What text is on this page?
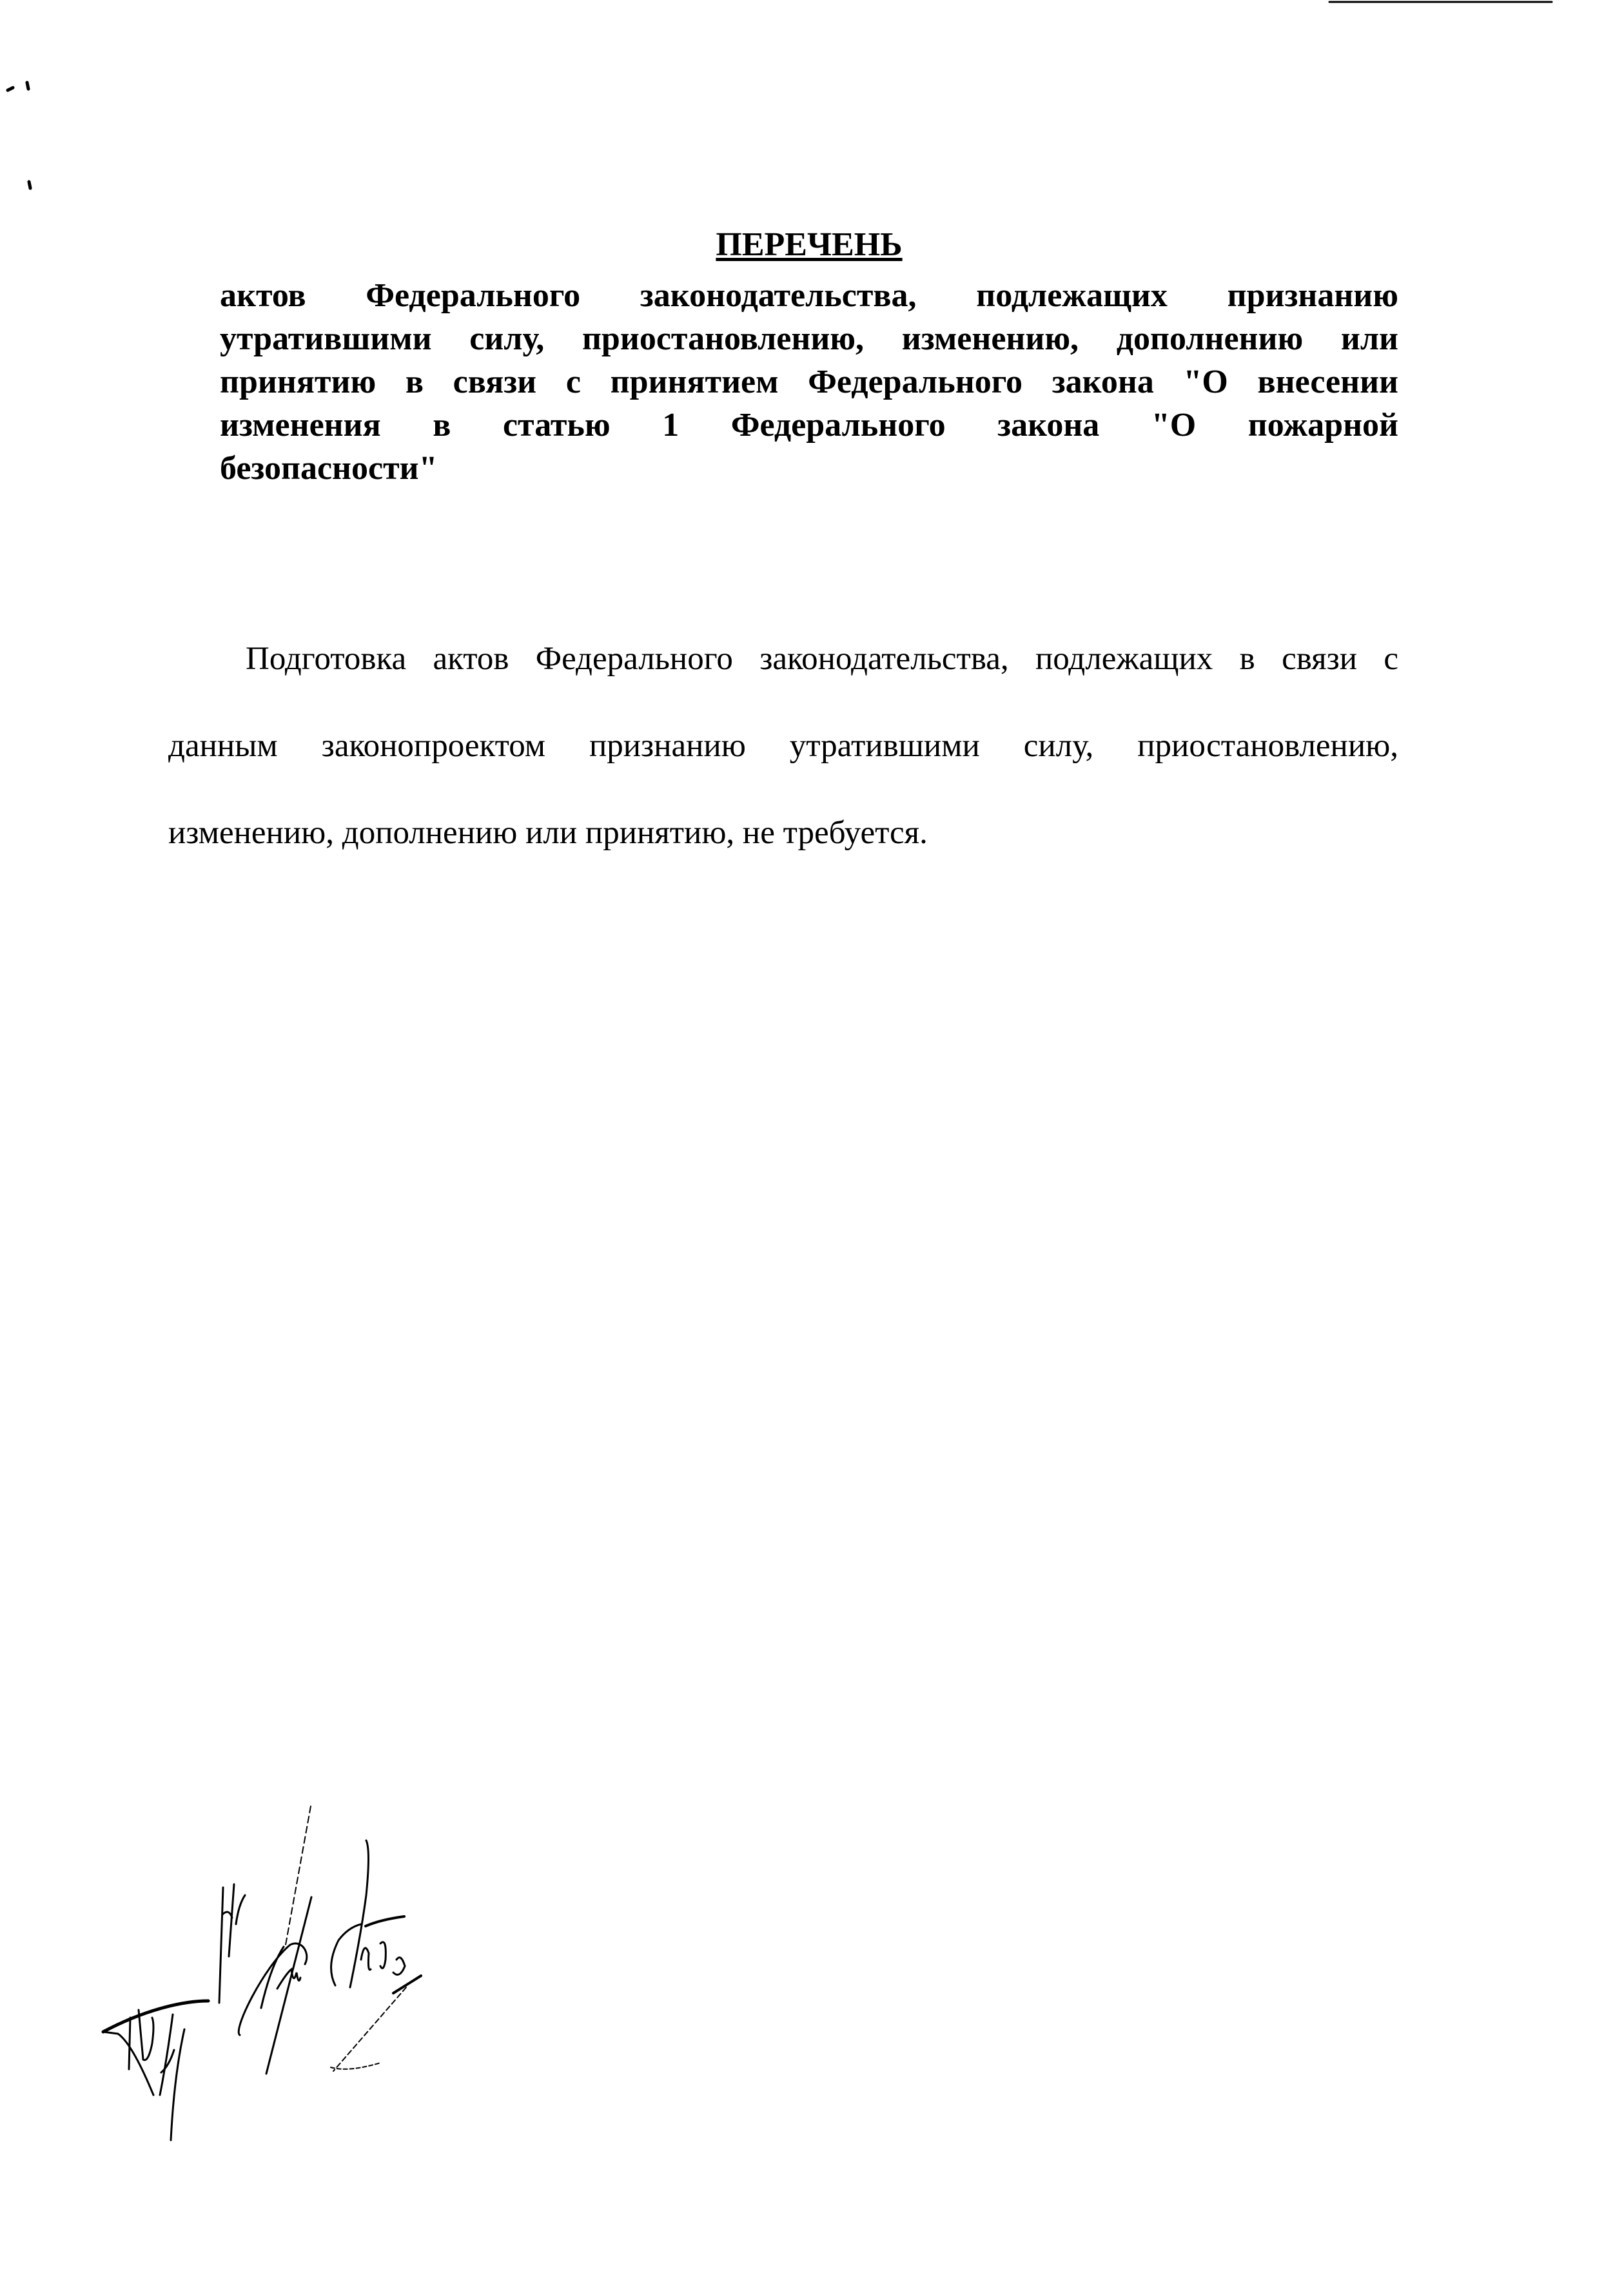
ПЕРЕЧЕНЬ
актов Федерального законодательства, подлежащих признанию
утратившими силу, приостановлению, изменению, дополнению или
принятию в связи с принятием Федерального закона "О внесении
изменения в статью 1 Федерального закона "О пожарной
безопасности"
Подготовка актов Федерального законодательства, подлежащих в связи с
данным законопроектом признанию утратившими силу, приостановлению,
изменению, дополнению или принятию, не требуется.
